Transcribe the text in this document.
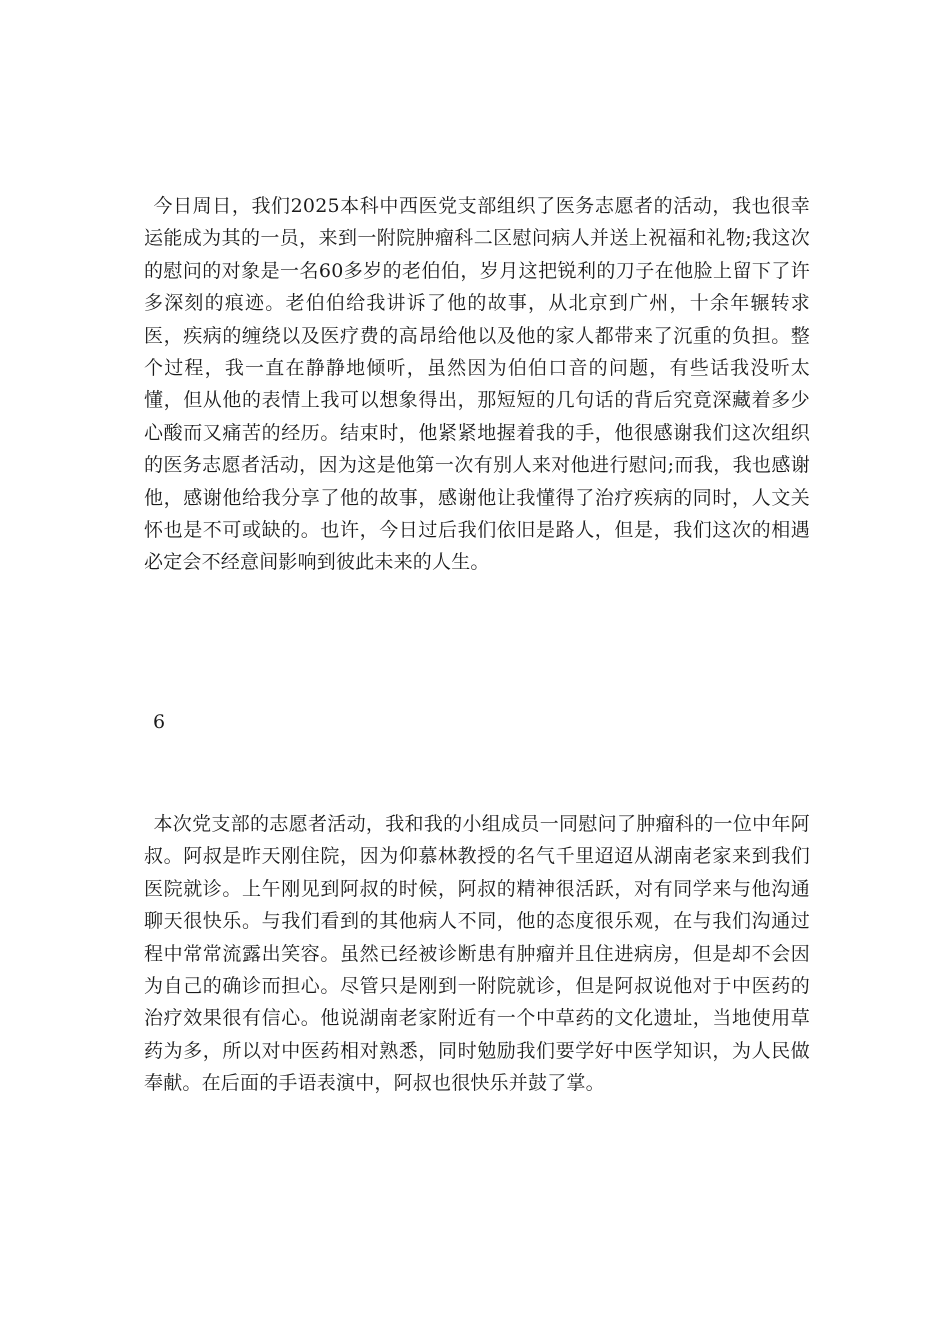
今日周日，我们2025本科中西医党支部组织了医务志愿者的活动，我也很幸运能成为其的一员，来到一附院肿瘤科二区慰问病人并送上祝福和礼物;我这次的慰问的对象是一名60多岁的老伯伯，岁月这把锐利的刀子在他脸上留下了许多深刻的痕迹。老伯伯给我讲诉了他的故事，从北京到广州，十余年辗转求医，疾病的缠绕以及医疗费的高昂给他以及他的家人都带来了沉重的负担。整个过程，我一直在静静地倾听，虽然因为伯伯口音的问题，有些话我没听太懂，但从他的表情上我可以想象得出，那短短的几句话的背后究竟深藏着多少心酸而又痛苦的经历。结束时，他紧紧地握着我的手，他很感谢我们这次组织的医务志愿者活动，因为这是他第一次有别人来对他进行慰问;而我，我也感谢他，感谢他给我分享了他的故事，感谢他让我懂得了治疗疾病的同时，人文关怀也是不可或缺的。也许，今日过后我们依旧是路人，但是，我们这次的相遇必定会不经意间影响到彼此未来的人生。

6

本次党支部的志愿者活动，我和我的小组成员一同慰问了肿瘤科的一位中年阿叔。阿叔是昨天刚住院，因为仰慕林教授的名气千里迢迢从湖南老家来到我们医院就诊。上午刚见到阿叔的时候，阿叔的精神很活跃，对有同学来与他沟通聊天很快乐。与我们看到的其他病人不同，他的态度很乐观，在与我们沟通过程中常常流露出笑容。虽然已经被诊断患有肿瘤并且住进病房，但是却不会因为自己的确诊而担心。尽管只是刚到一附院就诊，但是阿叔说他对于中医药的治疗效果很有信心。他说湖南老家附近有一个中草药的文化遗址，当地使用草药为多，所以对中医药相对熟悉，同时勉励我们要学好中医学知识，为人民做奉献。在后面的手语表演中，阿叔也很快乐并鼓了掌。
